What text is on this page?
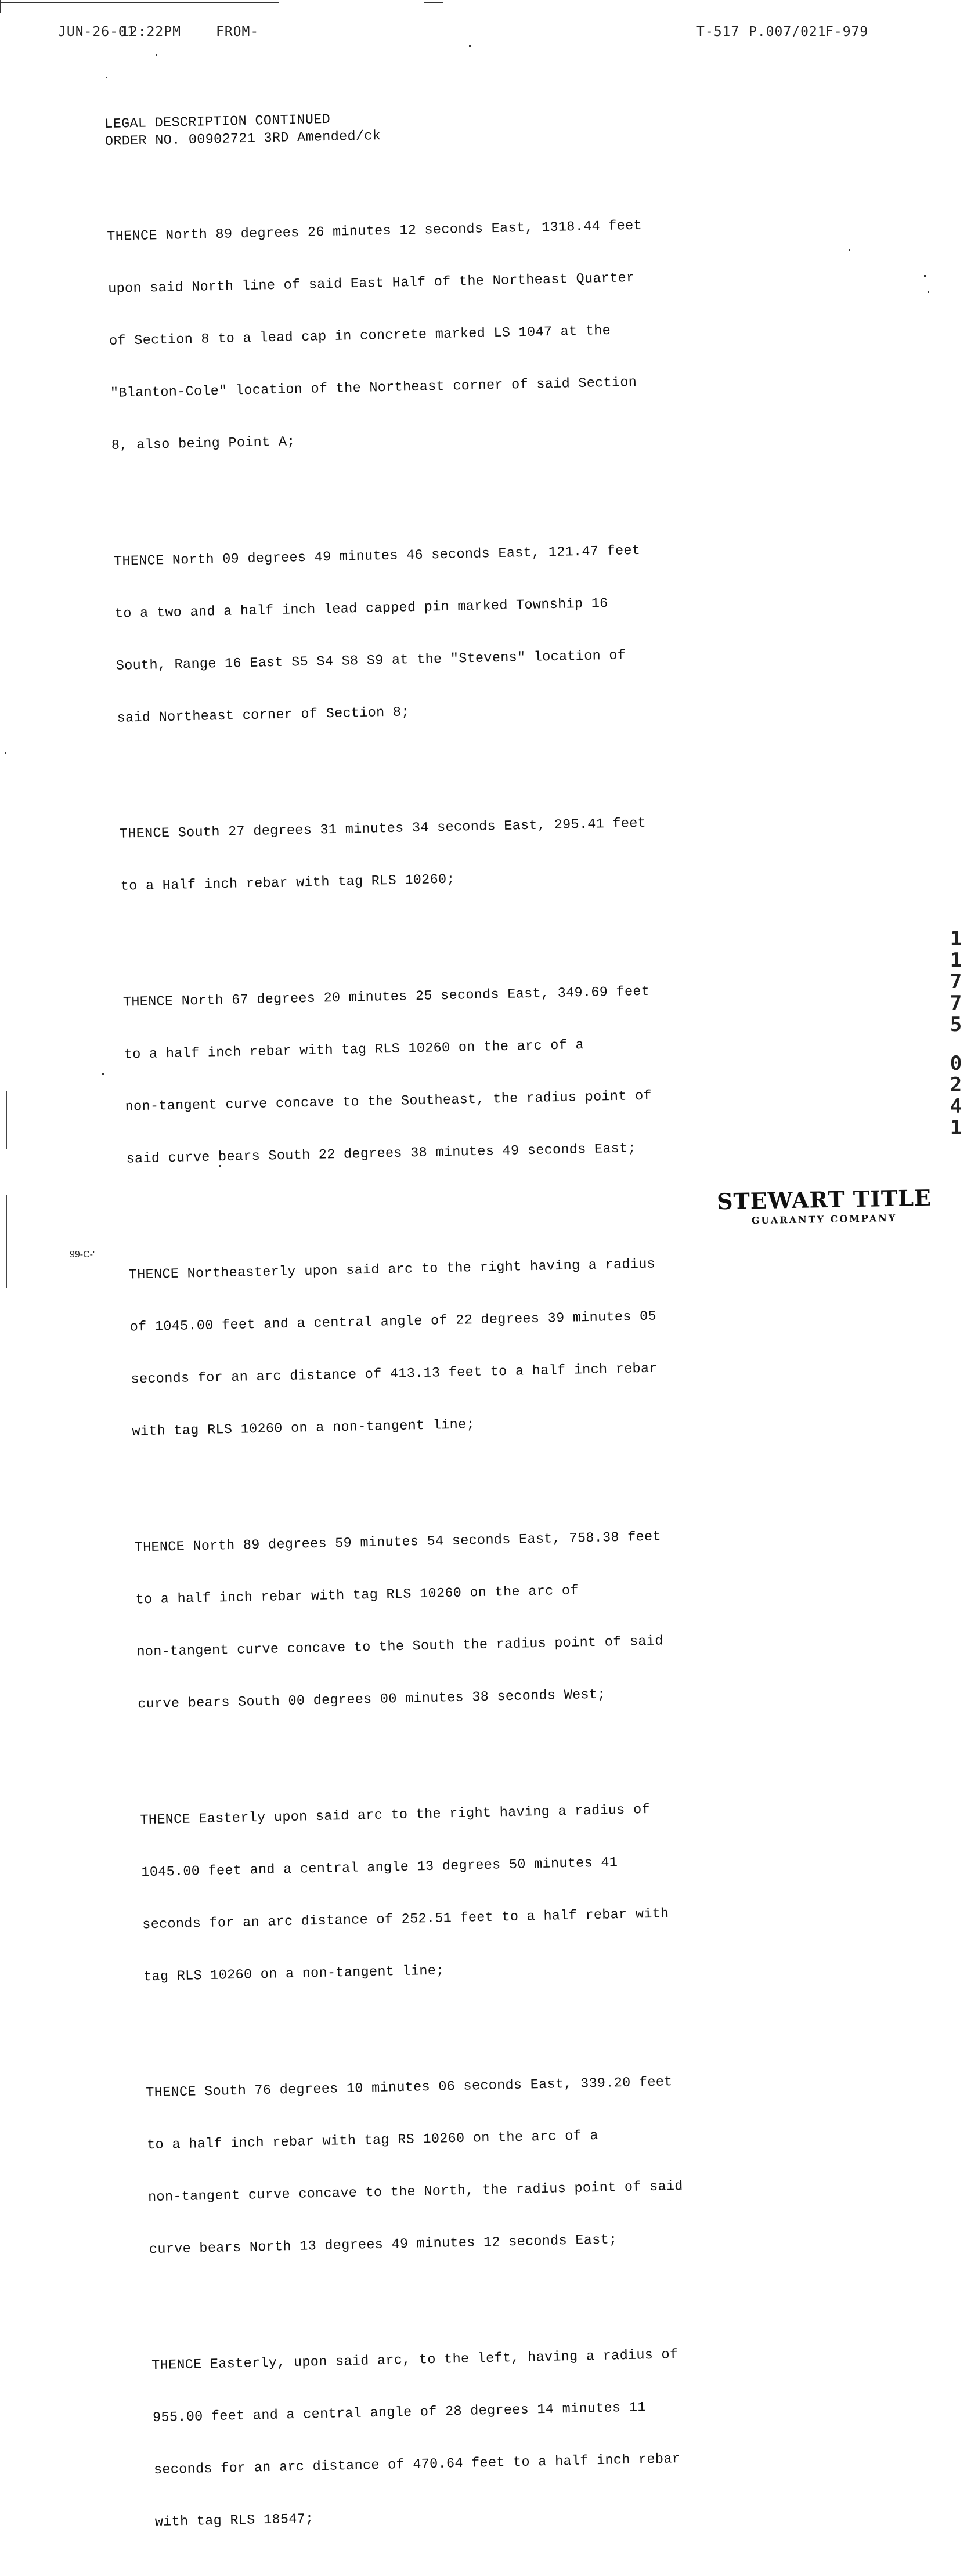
JUN-26-01
12:22PM	FROM-	T-517 P.007/021
F-979
LEGAL DESCRIPTION CONTINUED
ORDER NO. 00902721 3RD Amended/ck

THENCE North 89 degrees 26 minutes 12 seconds East, 1318.44 feet

upon said North line of said East Half of the Northeast Quarter

of Section 8 to a lead cap in concrete marked LS 1047 at the

"Blanton-Cole" location of the Northeast corner of said Section

8, also being Point A;

THENCE North 09 degrees 49 minutes 46 seconds East, 121.47 feet

to a two and a half inch lead capped pin marked Township 16

South, Range 16 East S5 S4 S8 S9 at the "Stevens" location of

said Northeast corner of Section 8;

THENCE South 27 degrees 31 minutes 34 seconds East, 295.41 feet

to a Half inch rebar with tag RLS 10260;

THENCE North 67 degrees 20 minutes 25 seconds East, 349.69 feet

to a half inch rebar with tag RLS 10260 on the arc of a

non-tangent curve concave to the Southeast, the radius point of

said curve bears South 22 degrees 38 minutes 49 seconds East;

THENCE Northeasterly upon said arc to the right having a radius

of 1045.00 feet and a central angle of 22 degrees 39 minutes 05

seconds for an arc distance of 413.13 feet to a half inch rebar

with tag RLS 10260 on a non-tangent line;

THENCE North 89 degrees 59 minutes 54 seconds East, 758.38 feet

to a half inch rebar with tag RLS 10260 on the arc of

non-tangent curve concave to the South the radius point of said

curve bears South 00 degrees 00 minutes 38 seconds West;

THENCE Easterly upon said arc to the right having a radius of

1045.00 feet and a central angle 13 degrees 50 minutes 41

seconds for an arc distance of 252.51 feet to a half rebar with

tag RLS 10260 on a non-tangent line;

THENCE South 76 degrees 10 minutes 06 seconds East, 339.20 feet

to a half inch rebar with tag RS 10260 on the arc of a

non-tangent curve concave to the North, the radius point of said

curve bears North 13 degrees 49 minutes 12 seconds East;

THENCE Easterly, upon said arc, to the left, having a radius of

955.00 feet and a central angle of 28 degrees 14 minutes 11

seconds for an arc distance of 470.64 feet to a half inch rebar

with tag RLS 18547;

1
1
7
7
5
0
2
4
1
STEWART TITLE
GUARANTY COMPANY
99-C-'
